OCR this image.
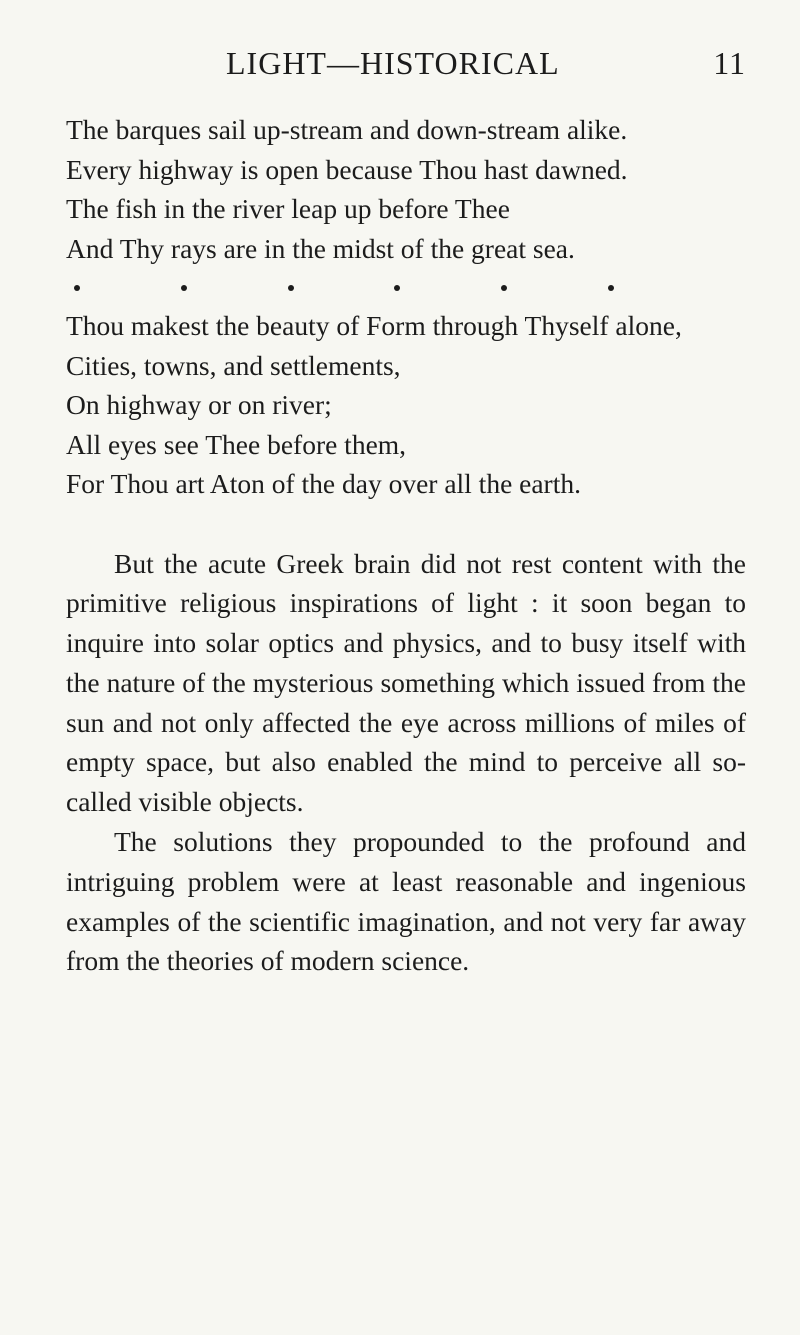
LIGHT—HISTORICAL	11

The barques sail up-stream and down-stream alike.

Every highway is open because Thou hast dawned.

The fish in the river leap up before Thee

And Thy rays are in the midst of the great sea.

Thou makest the beauty of Form through Thyself alone,

Cities, towns, and settlements,

On highway or on river;

All eyes see Thee before them,

For Thou art Aton of the day over all the earth.

But the acute Greek brain did not rest content with the primitive religious inspirations of light : it soon began to inquire into solar optics and physics, and to busy itself with the nature of the mysterious something which issued from the sun and not only affected the eye across millions of miles of empty space, but also enabled the mind to perceive all so-called visible objects.

The solutions they propounded to the profound and intriguing problem were at least reasonable and ingenious examples of the scientific imagination, and not very far away from the theories of modern science.
